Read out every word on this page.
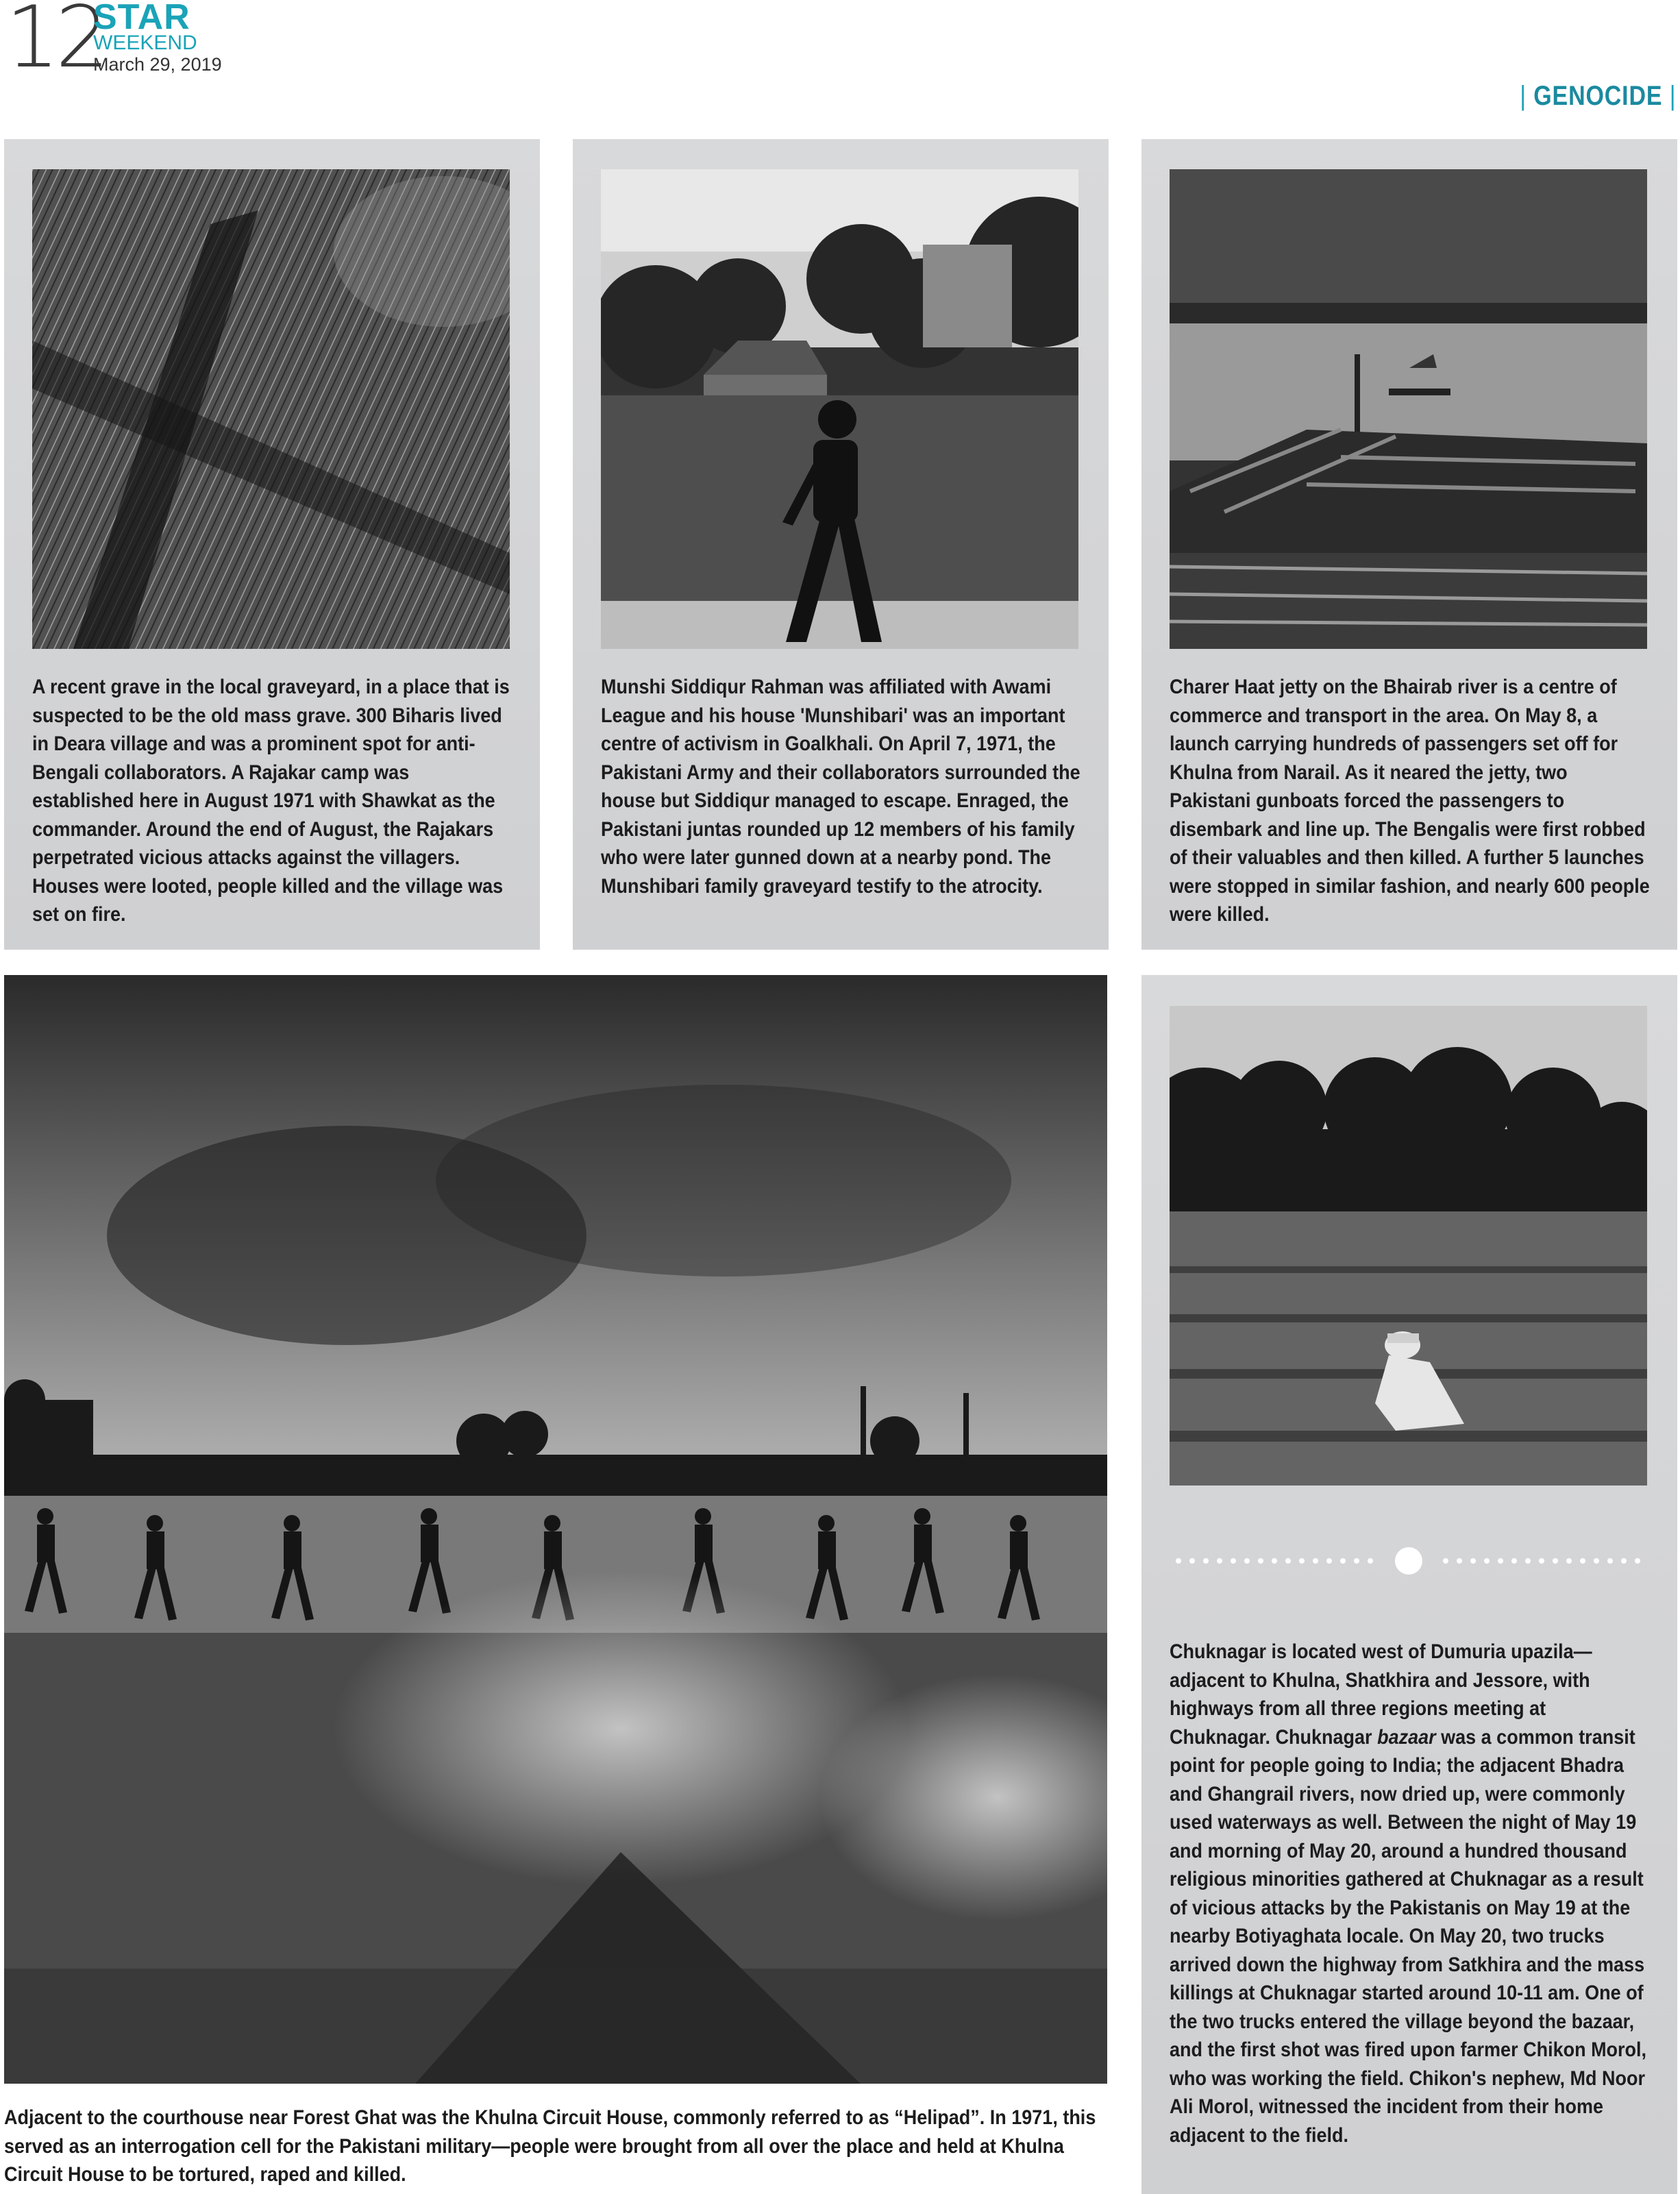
12
STAR
WEEKEND
March 29, 2019
| GENOCIDE |
A recent grave in the local graveyard, in a place that is suspected to be the old mass grave. 300 Biharis lived in Deara village and was a prominent spot for anti-Bengali collaborators. A Rajakar camp was established here in August 1971 with Shawkat as the commander. Around the end of August, the Rajakars perpetrated vicious attacks against the villagers. Houses were looted, people killed and the village was set on fire.
Munshi Siddiqur Rahman was affiliated with Awami League and his house 'Munshibari' was an important centre of activism in Goalkhali. On April 7, 1971, the Pakistani Army and their collaborators surrounded the house but Siddiqur managed to escape. Enraged, the Pakistani juntas rounded up 12 members of his family who were later gunned down at a nearby pond. The Munshibari family graveyard testify to the atrocity.
Charer Haat jetty on the Bhairab river is a centre of commerce and transport in the area. On May 8, a launch carrying hundreds of passengers set off for Khulna from Narail. As it neared the jetty, two Pakistani gunboats forced the passengers to disembark and line up. The Bengalis were first robbed of their valuables and then killed. A further 5 launches were stopped in similar fashion, and nearly 600 people were killed.
Adjacent to the courthouse near Forest Ghat was the Khulna Circuit House, commonly referred to as “Helipad”. In 1971, this served as an interrogation cell for the Pakistani military—people were brought from all over the place and held at Khulna Circuit House to be tortured, raped and killed.
Chuknagar is located west of Dumuria upazila—adjacent to Khulna, Shatkhira and Jessore, with highways from all three regions meeting at Chuknagar. Chuknagar bazaar was a common transit point for people going to India; the adjacent Bhadra and Ghangrail rivers, now dried up, were commonly used waterways as well. Between the night of May 19 and morning of May 20, around a hundred thousand religious minorities gathered at Chuknagar as a result of vicious attacks by the Pakistanis on May 19 at the nearby Botiyaghata locale. On May 20, two trucks arrived down the highway from Satkhira and the mass killings at Chuknagar started around 10-11 am. One of the two trucks entered the village beyond the bazaar, and the first shot was fired upon farmer Chikon Morol, who was working the field. Chikon's nephew, Md Noor Ali Morol, witnessed the incident from their home adjacent to the field.
